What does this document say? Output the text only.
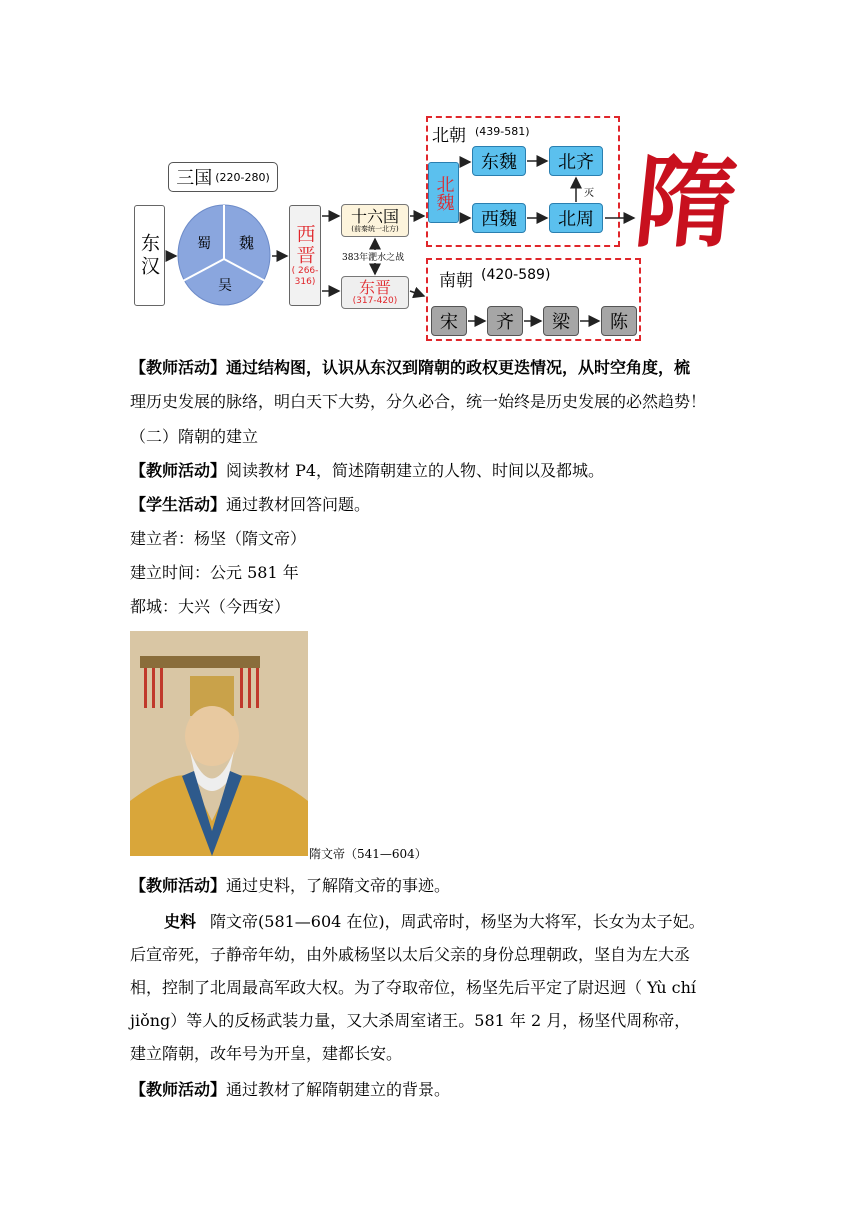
三国 (220-280)
东汉	蜀 魏
吴
西晋
( 266-316)
十六国
(前秦统一北方)
383年淝水之战
东晋
(317-420)
北朝 (439-581)
北魏
东魏 北齐
西魏 北周
灭
南朝 (420-589)
宋 齐 梁 陈
隋
【教师活动】通过结构图，认识从东汉到隋朝的政权更迭情况，从时空角度，梳
理历史发展的脉络，明白天下大势，分久必合，统一始终是历史发展的必然趋势！
（二）隋朝的建立
【教师活动】阅读教材 P4，简述隋朝建立的人物、时间以及都城。
【学生活动】通过教材回答问题。
建立者：杨坚（隋文帝）
建立时间：公元 581 年
都城：大兴（今西安）
隋文帝（541—604）
【教师活动】通过史料，了解隋文帝的事迹。
史料 隋文帝(581—604 在位)，周武帝时，杨坚为大将军，长女为太子妃。
后宣帝死，子静帝年幼，由外戚杨坚以太后父亲的身份总理朝政，坚自为左大丞
相，控制了北周最高军政大权。为了夺取帝位，杨坚先后平定了尉迟迥（ Yù chí
jiǒng）等人的反杨武装力量，又大杀周室诸王。581 年 2 月，杨坚代周称帝，
建立隋朝，改年号为开皇，建都长安。
【教师活动】通过教材了解隋朝建立的背景。
